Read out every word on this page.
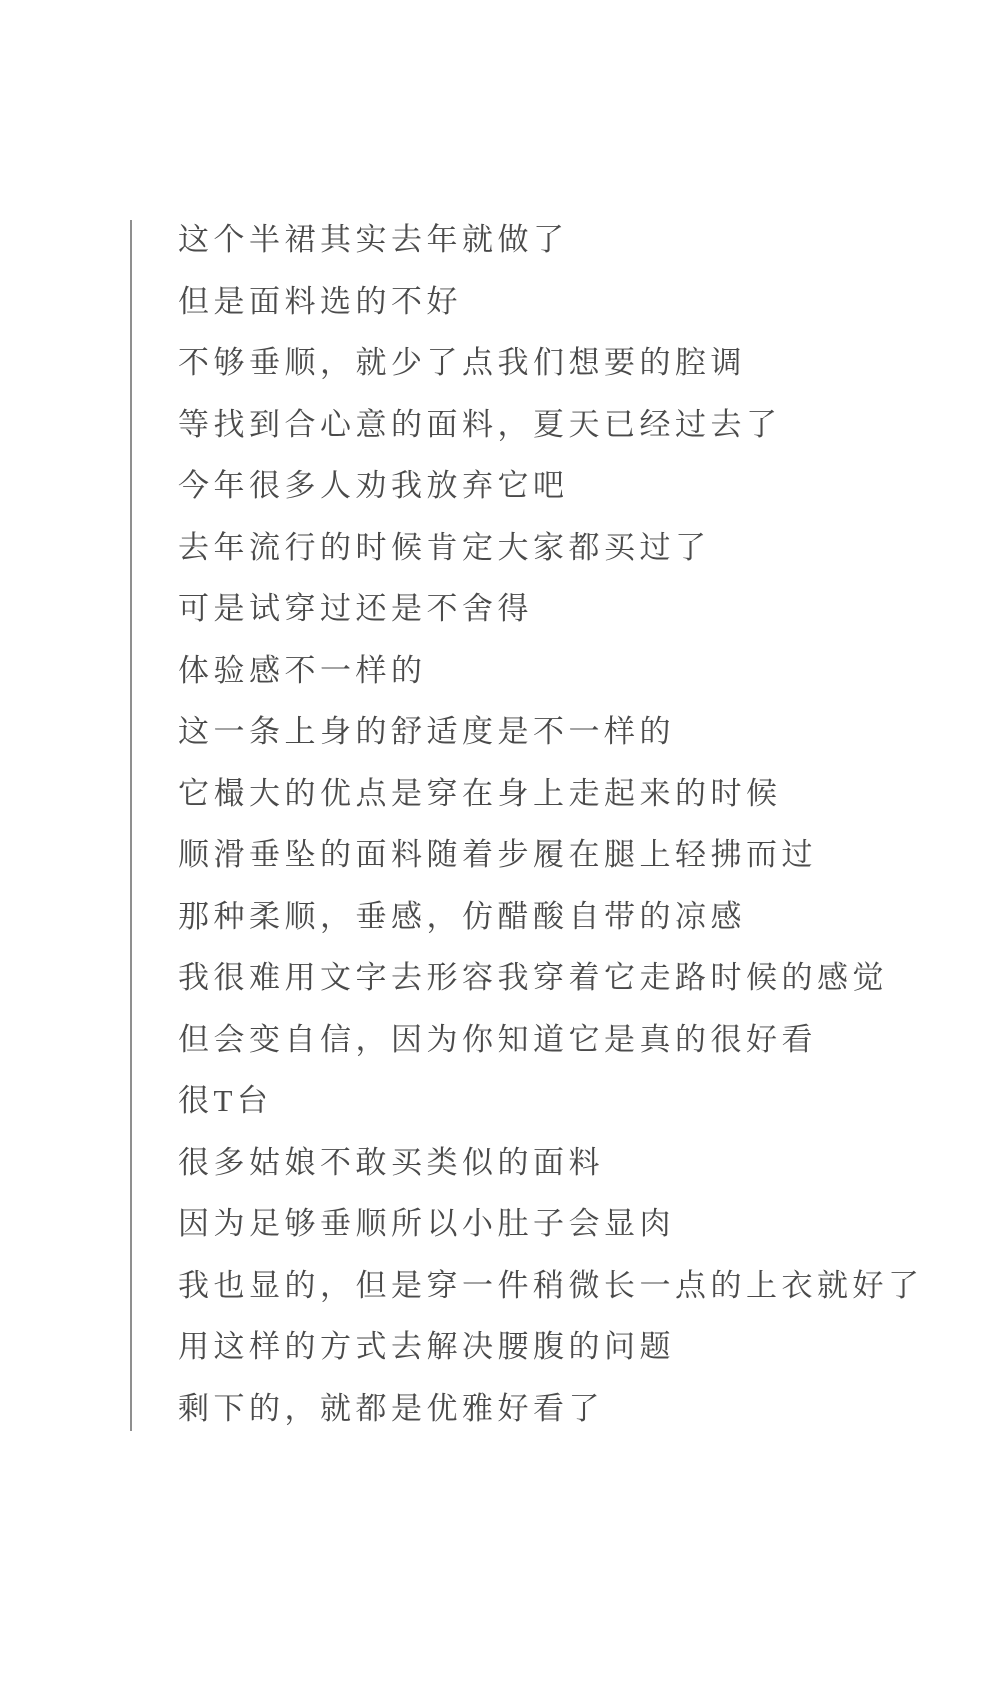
这个半裙其实去年就做了
但是面料选的不好
不够垂顺，就少了点我们想要的腔调
等找到合心意的面料，夏天已经过去了
今年很多人劝我放弃它吧
去年流行的时候肯定大家都买过了
可是试穿过还是不舍得
体验感不一样的
这一条上身的舒适度是不一样的
它樶大的优点是穿在身上走起来的时候
顺滑垂坠的面料随着步履在腿上轻拂而过
那种柔顺，垂感，仿醋酸自带的凉感
我很难用文字去形容我穿着它走路时候的感觉
但会变自信，因为你知道它是真的很好看
很T台
很多姑娘不敢买类似的面料
因为足够垂顺所以小肚子会显肉
我也显的，但是穿一件稍微长一点的上衣就好了
用这样的方式去解决腰腹的问题
剩下的，就都是优雅好看了
